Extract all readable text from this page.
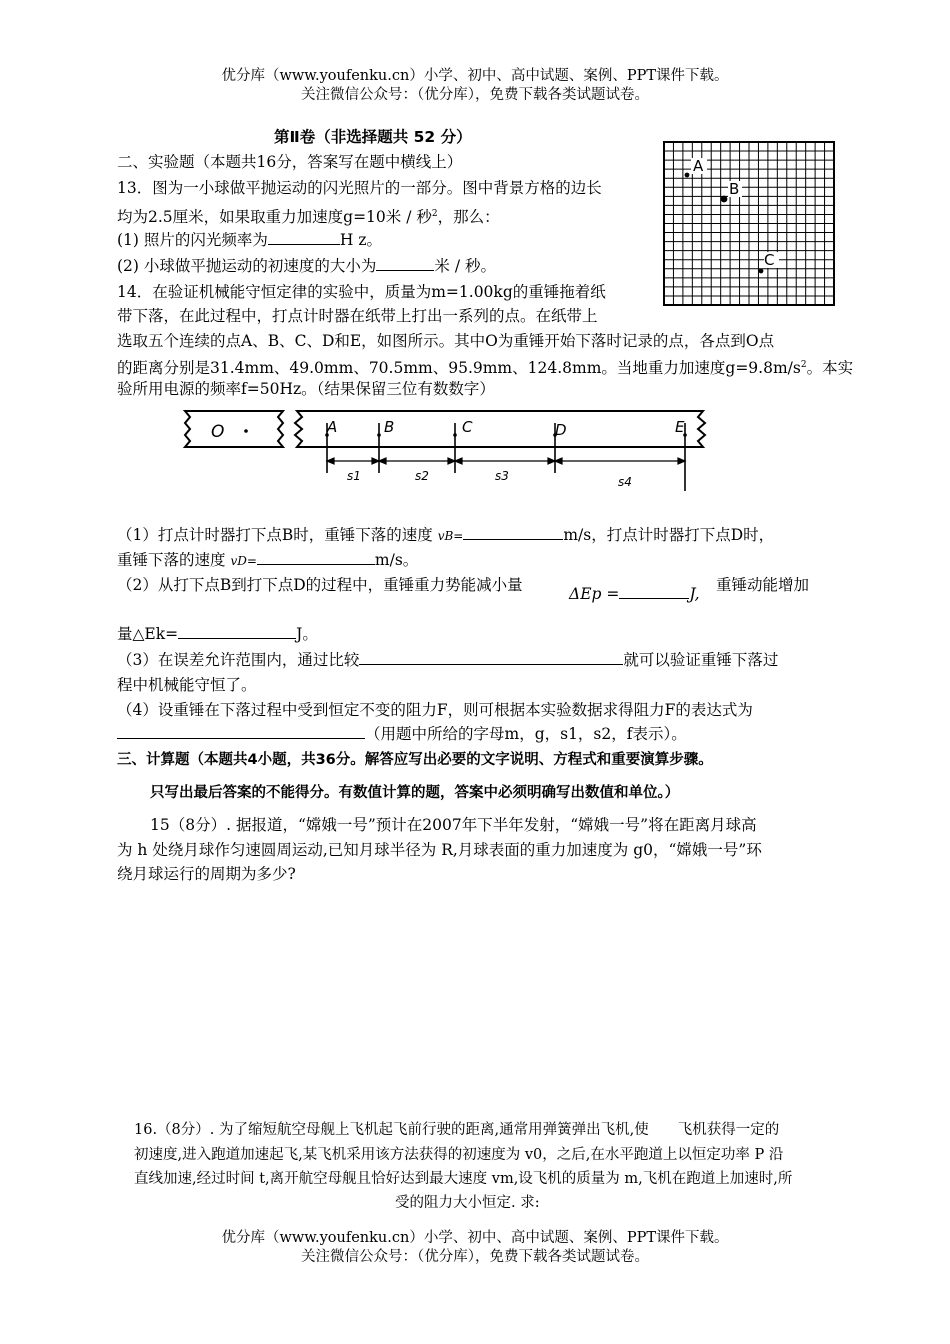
优分库（www.youfenku.cn）小学、初中、高中试题、案例、PPT课件下载。
关注微信公众号：（优分库），免费下载各类试题试卷。
第Ⅱ卷（非选择题共 52 分）
二、实验题（本题共16分，答案写在题中横线上）
13．图为一小球做平抛运动的闪光照片的一部分。图中背景方格的边长
均为2.5厘米，如果取重力加速度g=10米 / 秒$^2$，那么：
(1) 照片的闪光频率为	H z。
(2) 小球做平抛运动的初速度的大小为	米 / 秒。
A
B
C
14．在验证机械能守恒定律的实验中，质量为m=1.00kg的重锤拖着纸
带下落，在此过程中，打点计时器在纸带上打出一系列的点。在纸带上
选取五个连续的点A、B、C、D和E，如图所示。其中O为重锤开始下落时记录的点，各点到O点
的距离分别是31.4mm、49.0mm、70.5mm、95.9mm、124.8mm。当地重力加速度$g=9.8m/s^2$。本实
验所用电源的频率f=50Hz。（结果保留三位有数数字）
O	A	B	C	D	E
s1	s2	s3	s4
（1）打点计时器打下点B时，重锤下落的速度 vB=	m/s，打点计时器打下点D时，
重锤下落的速度 vD=	m/s。
（2）从打下点B到打下点D的过程中，重锤重力势能减小量	ΔEp =	J, 重锤动能增加
量△Ek=	J。
（3）在误差允许范围内，通过比较	就可以验证重锤下落过
程中机械能守恒了。
（4）设重锤在下落过程中受到恒定不变的阻力F，则可根据本实验数据求得阻力F的表达式为
（用题中所给的字母m，g，s1，s2，f表示）。
三、计算题（本题共4小题，共36分。解答应写出必要的文字说明、方程式和重要演算步骤。
只写出最后答案的不能得分。有数值计算的题，答案中必须明确写出数值和单位。）
15（8分）. 据报道，“嫦娥一号”预计在2007年下半年发射，“嫦娥一号”将在距离月球高
为 h 处绕月球作匀速圆周运动,已知月球半径为 R,月球表面的重力加速度为 g0，“嫦娥一号”环
绕月球运行的周期为多少?
16.（8分）. 为了缩短航空母舰上飞机起飞前行驶的距离,通常用弹簧弹出飞机,使　　飞机获得一定的
初速度,进入跑道加速起飞,某飞机采用该方法获得的初速度为 v0，之后,在水平跑道上以恒定功率 P 沿
直线加速,经过时间 t,离开航空母舰且恰好达到最大速度 vm,设飞机的质量为 m,飞机在跑道上加速时,所
受的阻力大小恒定. 求:
优分库（www.youfenku.cn）小学、初中、高中试题、案例、PPT课件下载。
关注微信公众号：（优分库），免费下载各类试题试卷。
